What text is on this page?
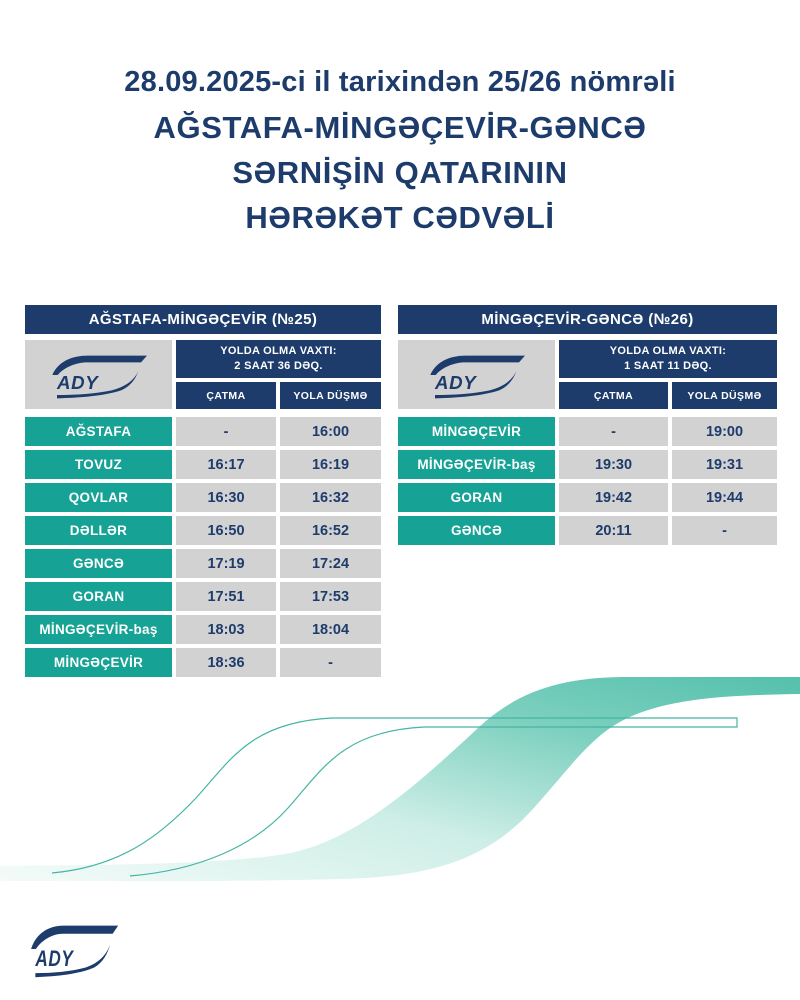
28.09.2025-ci il tarixindən 25/26 nömrəli
AĞSTAFA-MİNGƏÇEVİR-GƏNCƏ
SƏRNİŞİN QATARININ
HƏRƏKƏT CƏDVƏLİ
AĞSTAFA-MİNGƏÇEVİR (№25)
ADY
YOLDA OLMA VAXTI:
2 SAAT 36 DƏQ.
ÇATMA	YOLA DÜŞMƏ
AĞSTAFA	-	16:00
TOVUZ	16:17	16:19
QOVLAR	16:30	16:32
DƏLLƏR	16:50	16:52
GƏNCƏ	17:19	17:24
GORAN	17:51	17:53
MİNGƏÇEVİR-baş	18:03	18:04
MİNGƏÇEVİR	18:36	-
MİNGƏÇEVİR-GƏNCƏ (№26)
ADY
YOLDA OLMA VAXTI:
1 SAAT 11 DƏQ.
ÇATMA	YOLA DÜŞMƏ
MİNGƏÇEVİR	-	19:00
MİNGƏÇEVİR-baş	19:30	19:31
GORAN	19:42	19:44
GƏNCƏ	20:11	-
ADY
